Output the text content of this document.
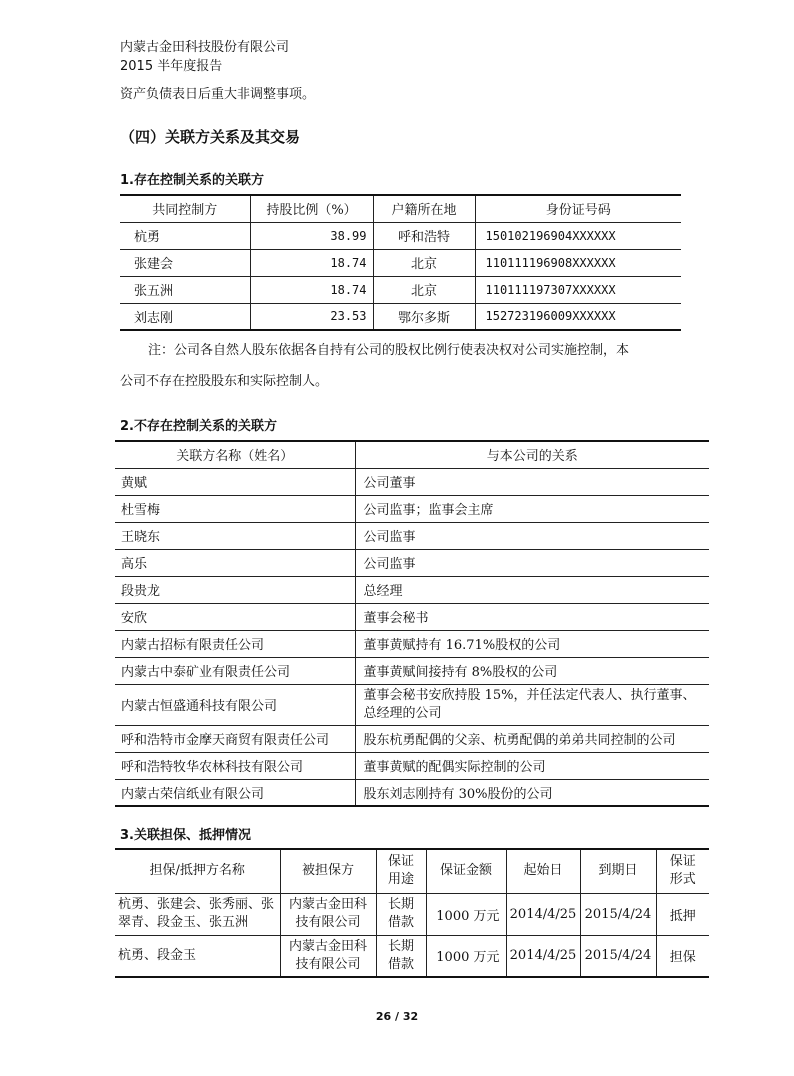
内蒙古金田科技股份有限公司
2015 半年度报告
资产负债表日后重大非调整事项。
（四）关联方关系及其交易
1.存在控制关系的关联方
共同控制方	持股比例（%）	户籍所在地	身份证号码
杭勇	38.99	呼和浩特	150102196904XXXXXX
张建会	18.74	北京	110111196908XXXXXX
张五洲	18.74	北京	110111197307XXXXXX
刘志刚	23.53	鄂尔多斯	152723196009XXXXXX
注：公司各自然人股东依据各自持有公司的股权比例行使表决权对公司实施控制，本
公司不存在控股股东和实际控制人。
2.不存在控制关系的关联方
关联方名称（姓名）	与本公司的关系
黄赋	公司董事
杜雪梅	公司监事；监事会主席
王晓东	公司监事
高乐	公司监事
段贵龙	总经理
安欣	董事会秘书
内蒙古招标有限责任公司	董事黄赋持有 16.71%股权的公司
内蒙古中泰矿业有限责任公司	董事黄赋间接持有 8%股权的公司
内蒙古恒盛通科技有限公司	董事会秘书安欣持股 15%，并任法定代表人、执行董事、总经理的公司
呼和浩特市金摩天商贸有限责任公司	股东杭勇配偶的父亲、杭勇配偶的弟弟共同控制的公司
呼和浩特牧华农林科技有限公司	董事黄赋的配偶实际控制的公司
内蒙古荣信纸业有限公司	股东刘志刚持有 30%股份的公司
3.关联担保、抵押情况
担保/抵押方名称	被担保方	保证用途	保证金额	起始日	到期日	保证形式
杭勇、张建会、张秀丽、张翠青、段金玉、张五洲	内蒙古金田科技有限公司	长期借款	1000 万元	2014/4/25	2015/4/24	抵押
杭勇、段金玉	内蒙古金田科技有限公司	长期借款	1000 万元	2014/4/25	2015/4/24	担保
26 / 32
